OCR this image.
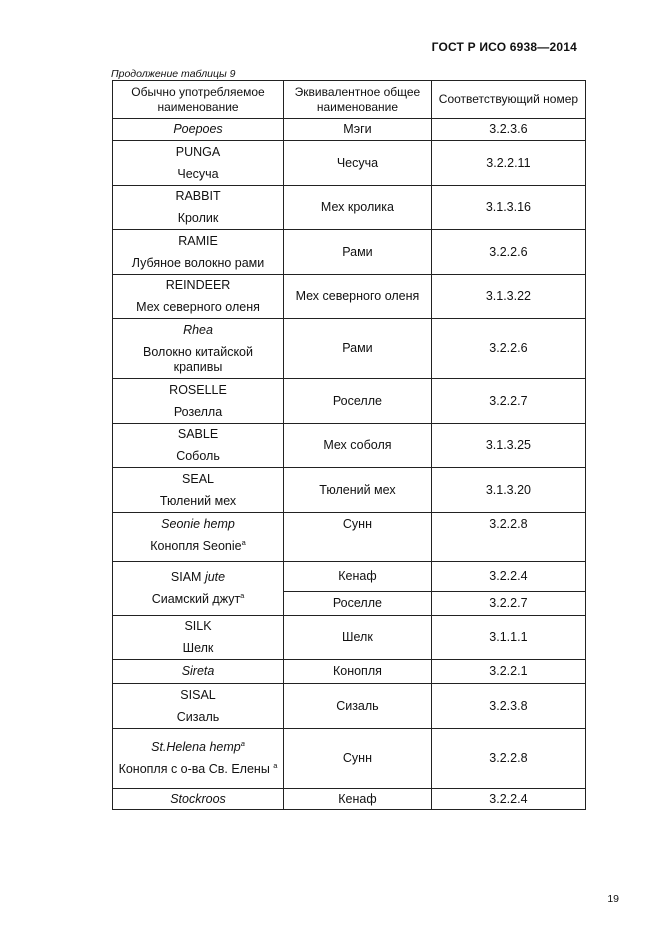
ГОСТ Р ИСО 6938—2014
Продолжение таблицы 9
Обычно употребляемое наименование	Эквивалентное общее наименование	Соответствующий номер

Poepoes	Мэги	3.2.3.6

PUNGA
Чесуча	Чесуча	3.2.2.11

RABBIT
Кролик	Мех кролика	3.1.3.16

RAMIE
Лубяное волокно рами	Рами	3.2.2.6

REINDEER
Мех северного оленя	Мех северного оленя	3.1.3.22

Rhea
Волокно китайской крапивы	Рами	3.2.2.6

ROSELLE
Розелла	Роселле	3.2.2.7

SABLE
Соболь	Мех соболя	3.1.3.25

SEAL
Тюлений мех	Тюлений мех	3.1.3.20

Seonie hemp
Конопля Seonie$^а$	Сунн	3.2.2.8

SIAM jute
Сиамский джут$^а$	Кенаф	3.2.2.4
	Роселле	3.2.2.7

SILK
Шелк	Шелк	3.1.1.1

Sireta	Конопля	3.2.2.1

SISAL
Сизаль	Сизаль	3.2.3.8

St.Helena hemp$^а$
Конопля с о-ва Св. Елены $^а$	Сунн	3.2.2.8

Stockroos	Кенаф	3.2.2.4
19
